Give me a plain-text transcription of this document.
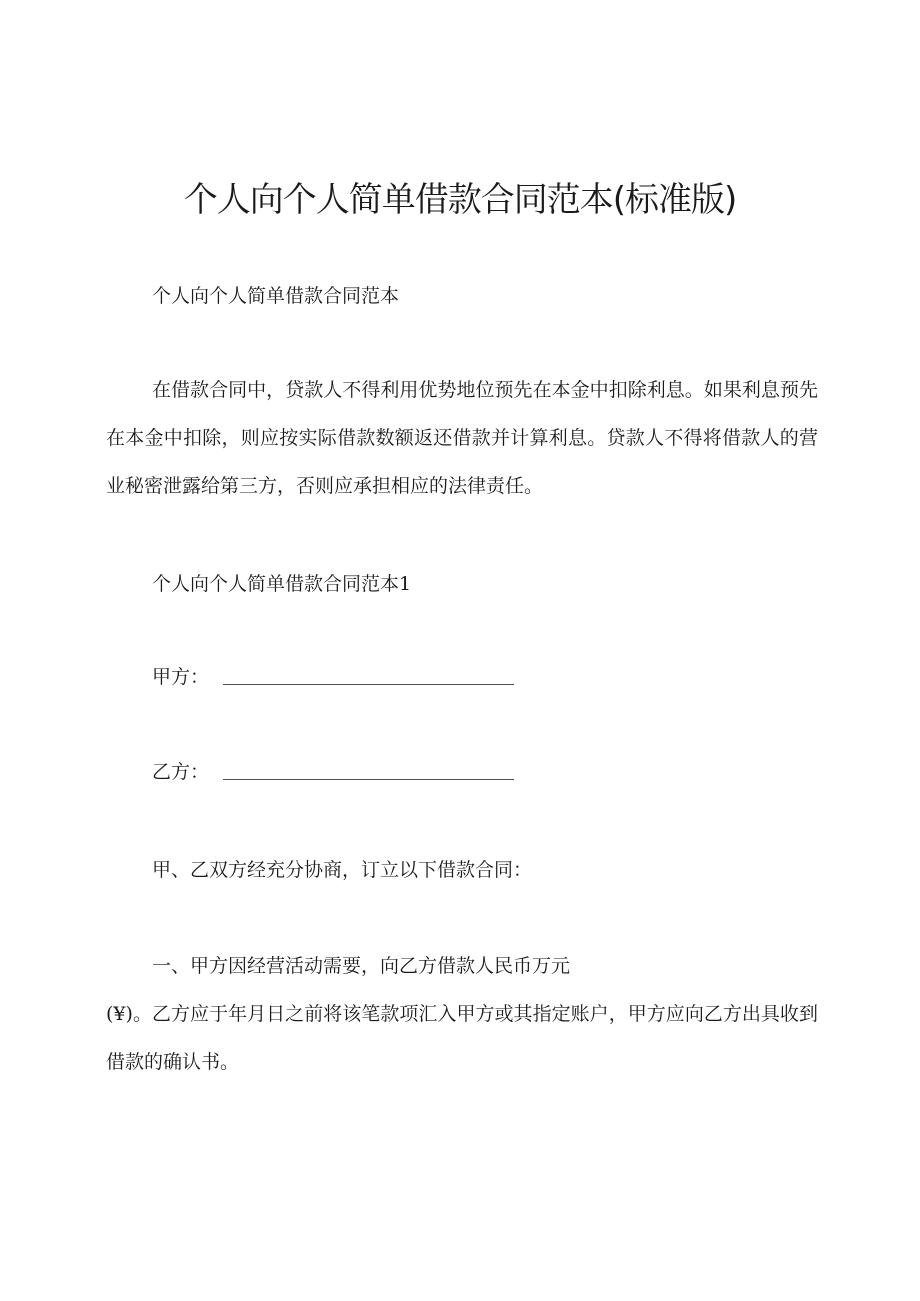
个人向个人简单借款合同范本(标准版)

个人向个人简单借款合同范本

在借款合同中，贷款人不得利用优势地位预先在本金中扣除利息。如果利息预先在本金中扣除，则应按实际借款数额返还借款并计算利息。贷款人不得将借款人的营业秘密泄露给第三方，否则应承担相应的法律责任。

个人向个人简单借款合同范本1

甲方：
乙方：

甲、乙双方经充分协商，订立以下借款合同：

一、甲方因经营活动需要，向乙方借款人民币万元

(¥)。乙方应于年月日之前将该笔款项汇入甲方或其指定账户，甲方应向乙方出具收到借款的确认书。
